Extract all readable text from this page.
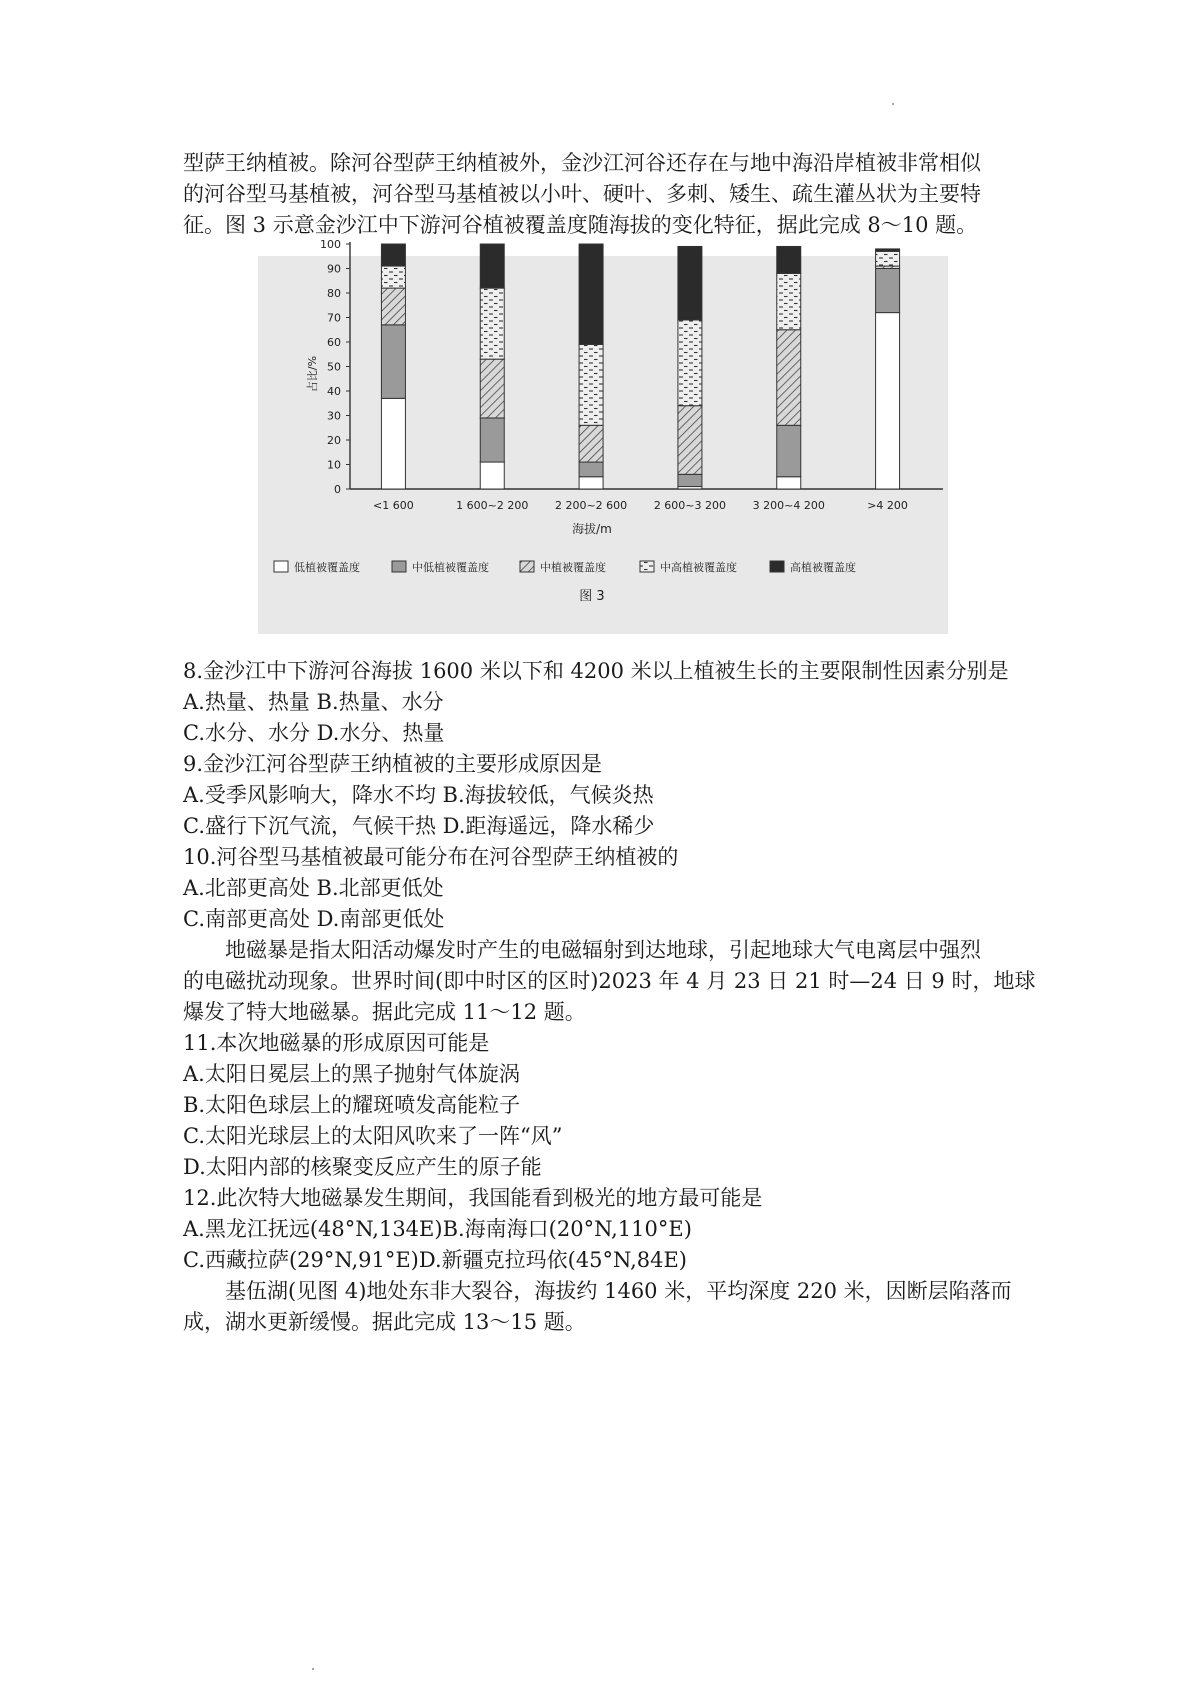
型萨王纳植被。除河谷型萨王纳植被外，金沙江河谷还存在与地中海沿岸植被非常相似

的河谷型马基植被，河谷型马基植被以小叶、硬叶、多刺、矮生、疏生灌丛状为主要特

征。图 3 示意金沙江中下游河谷植被覆盖度随海拔的变化特征，据此完成 8～10 题。

0
10
20
30
40
50
60
70
80
90
100
占比/%
<1 600	1 600~2 200 2 200~2 600 2 600~3 200 3 200~4 200	>4 200
海拔/m
低植被覆盖度	中低植被覆盖度	中植被覆盖度	中高植被覆盖度	高植被覆盖度
图 3

8.金沙江中下游河谷海拔 1600 米以下和 4200 米以上植被生长的主要限制性因素分别是

A.热量、热量 B.热量、水分

C.水分、水分 D.水分、热量

9.金沙江河谷型萨王纳植被的主要形成原因是

A.受季风影响大，降水不均 B.海拔较低，气候炎热

C.盛行下沉气流，气候干热 D.距海遥远，降水稀少

10.河谷型马基植被最可能分布在河谷型萨王纳植被的

A.北部更高处 B.北部更低处

C.南部更高处 D.南部更低处

地磁暴是指太阳活动爆发时产生的电磁辐射到达地球，引起地球大气电离层中强烈

的电磁扰动现象。世界时间(即中时区的区时)2023 年 4 月 23 日 21 时—24 日 9 时，地球

爆发了特大地磁暴。据此完成 11～12 题。

11.本次地磁暴的形成原因可能是

A.太阳日冕层上的黑子抛射气体旋涡

B.太阳色球层上的耀斑喷发高能粒子

C.太阳光球层上的太阳风吹来了一阵“风”

D.太阳内部的核聚变反应产生的原子能

12.此次特大地磁暴发生期间，我国能看到极光的地方最可能是

A.黑龙江抚远(48°N,134E)B.海南海口(20°N,110°E)

C.西藏拉萨(29°N,91°E)D.新疆克拉玛依(45°N,84E)

基伍湖(见图 4)地处东非大裂谷，海拔约 1460 米，平均深度 220 米，因断层陷落而

成，湖水更新缓慢。据此完成 13～15 题。
